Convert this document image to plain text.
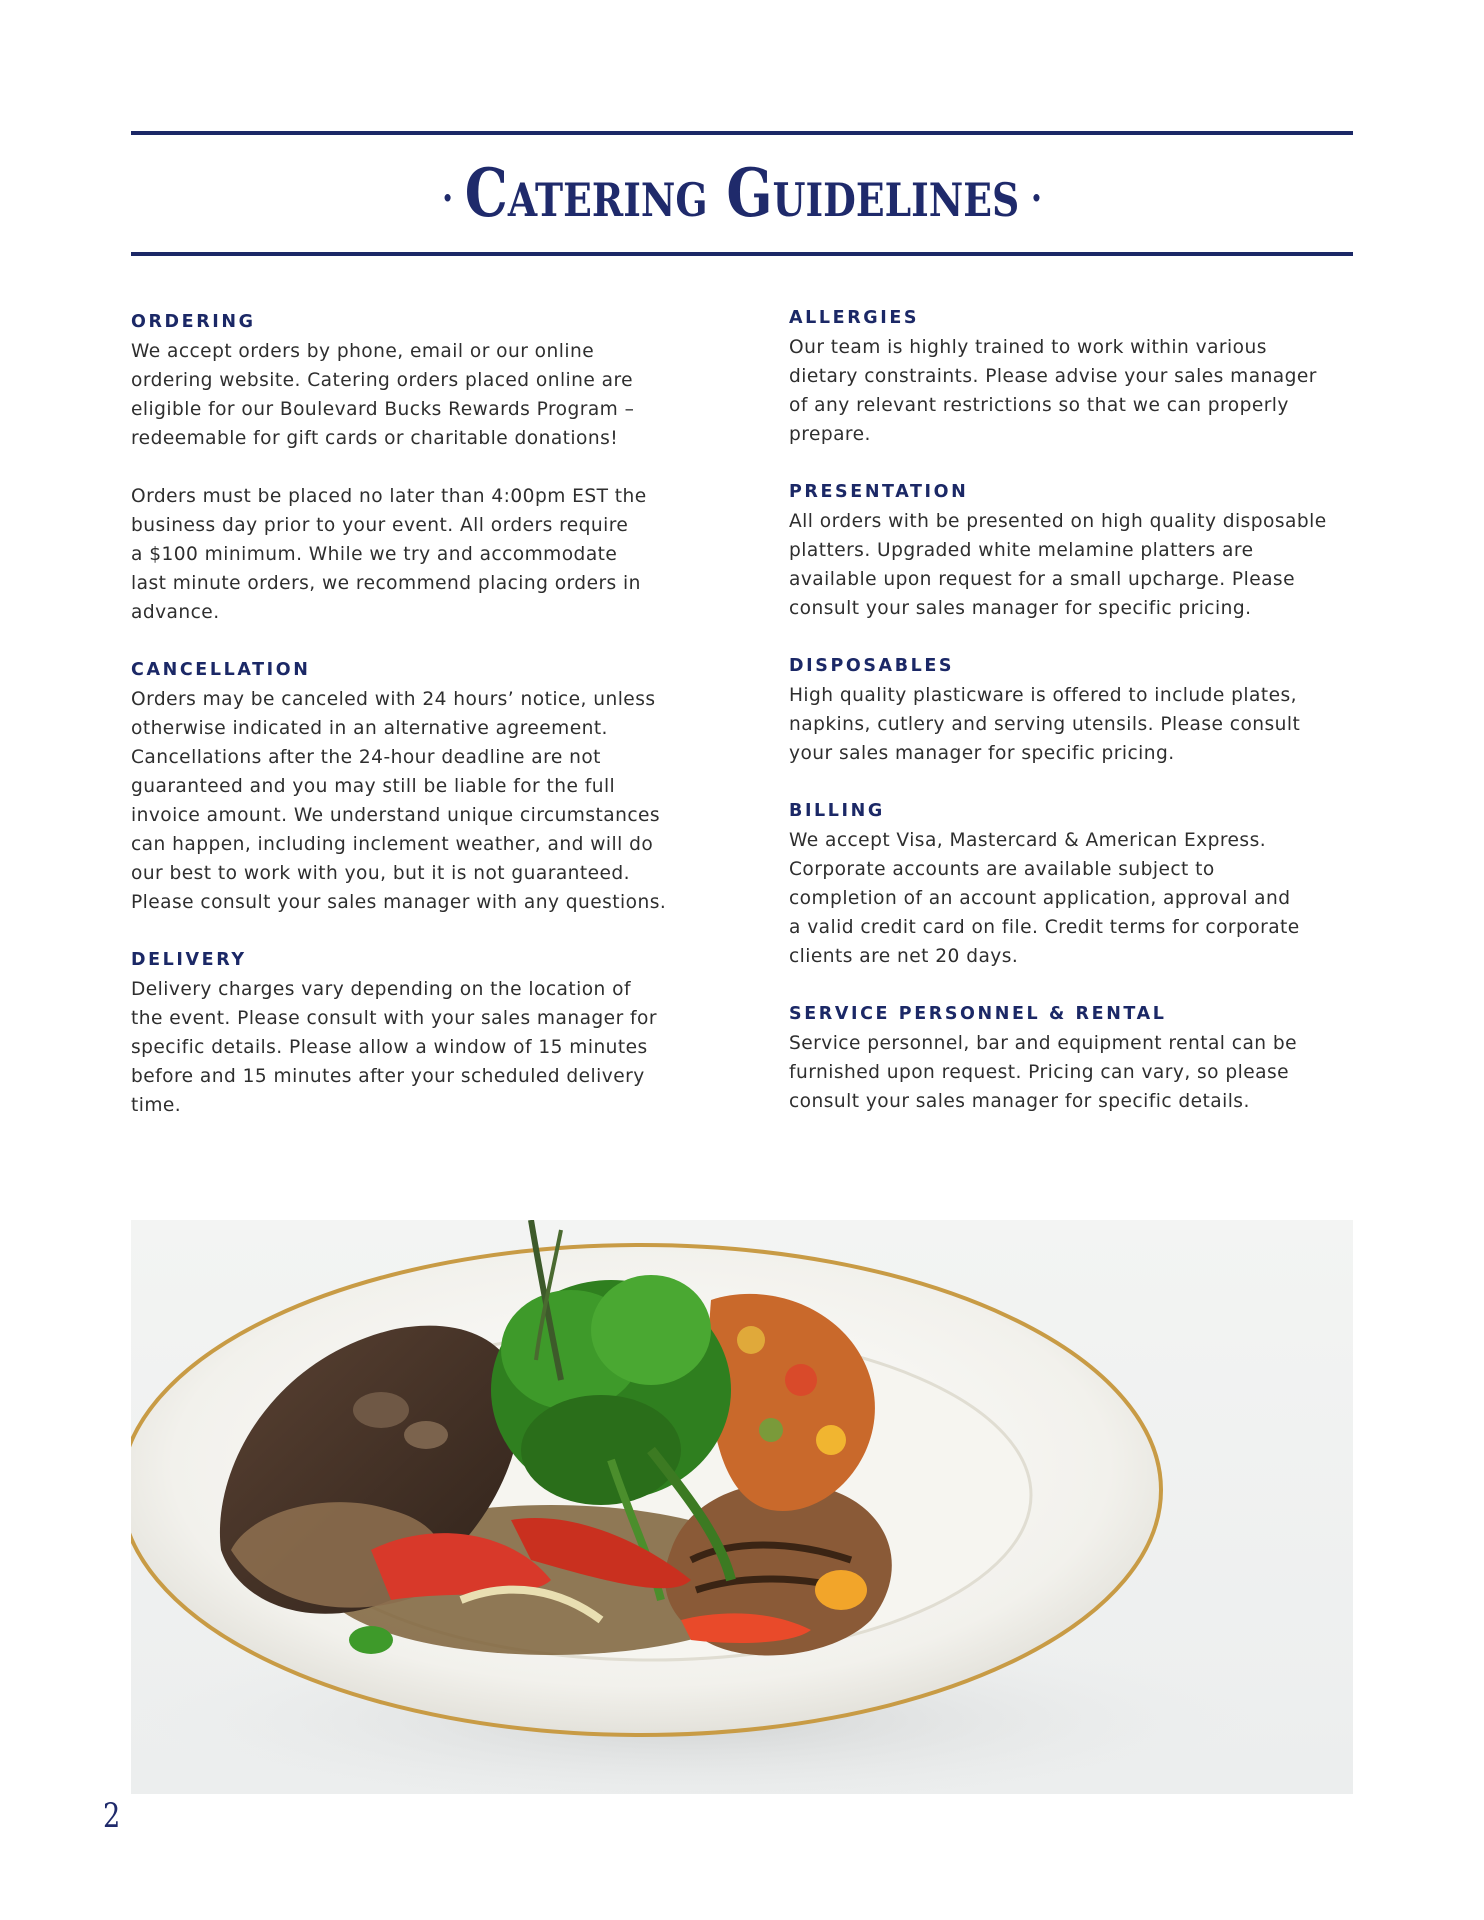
· Catering Guidelines ·

ORDERING

We accept orders by phone, email or our online
ordering website. Catering orders placed online are
eligible for our Boulevard Bucks Rewards Program –
redeemable for gift cards or charitable donations!

Orders must be placed no later than 4:00pm EST the
business day prior to your event. All orders require
a $100 minimum. While we try and accommodate
last minute orders, we recommend placing orders in
advance.

CANCELLATION

Orders may be canceled with 24 hours’ notice, unless
otherwise indicated in an alternative agreement.
Cancellations after the 24-hour deadline are not
guaranteed and you may still be liable for the full
invoice amount. We understand unique circumstances
can happen, including inclement weather, and will do
our best to work with you, but it is not guaranteed.
Please consult your sales manager with any questions.

DELIVERY

Delivery charges vary depending on the location of
the event. Please consult with your sales manager for
specific details. Please allow a window of 15 minutes
before and 15 minutes after your scheduled delivery
time.

ALLERGIES

Our team is highly trained to work within various
dietary constraints. Please advise your sales manager
of any relevant restrictions so that we can properly
prepare.

PRESENTATION

All orders with be presented on high quality disposable
platters. Upgraded white melamine platters are
available upon request for a small upcharge. Please
consult your sales manager for specific pricing.

DISPOSABLES

High quality plasticware is offered to include plates,
napkins, cutlery and serving utensils. Please consult
your sales manager for specific pricing.

BILLING

We accept Visa, Mastercard & American Express.
Corporate accounts are available subject to
completion of an account application, approval and
a valid credit card on file. Credit terms for corporate
clients are net 20 days.

SERVICE PERSONNEL & RENTAL

Service personnel, bar and equipment rental can be
furnished upon request. Pricing can vary, so please
consult your sales manager for specific details.

2
